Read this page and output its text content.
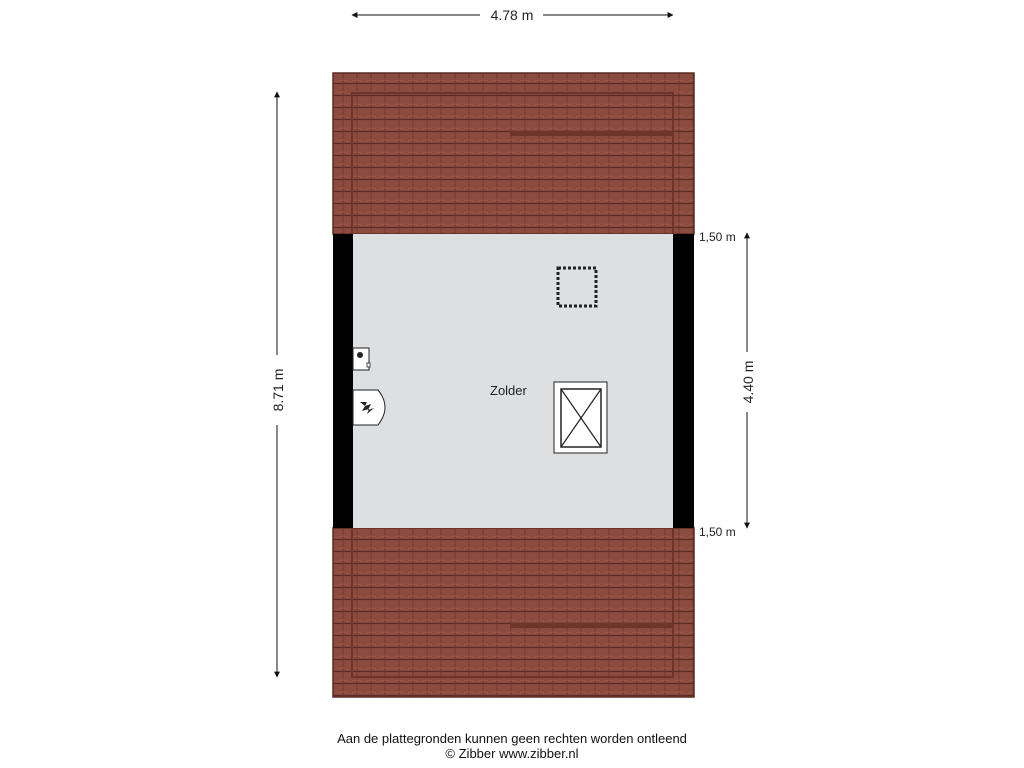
4.78 m
8.71 m	4.40 m
1,50 m
1,50 m
Zolder
Aan de plattegronden kunnen geen rechten worden ontleend
© Zibber www.zibber.nl
